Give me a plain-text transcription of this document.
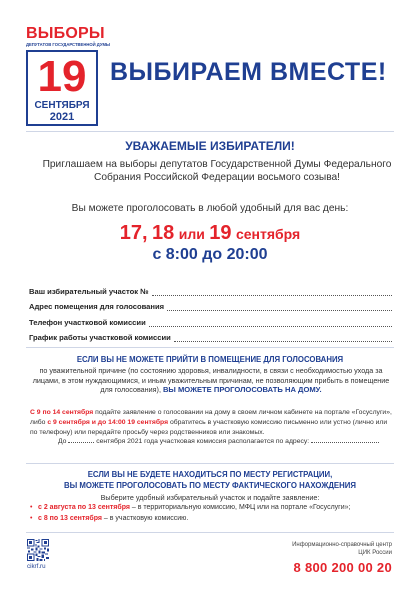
ВЫБОРЫ
ДЕПУТАТОВ ГОСУДАРСТВЕННОЙ ДУМЫ
19
СЕНТЯБРЯ
2021
ВЫБИРАЕМ ВМЕСТЕ!
УВАЖАЕМЫЕ ИЗБИРАТЕЛИ!
Приглашаем на выборы депутатов Государственной Думы Федерального Собрания Российской Федерации восьмого созыва!
Вы можете проголосовать в любой удобный для вас день:
17, 18 или 19 сентября
с 8:00 до 20:00
Ваш избирательный участок №
Адрес помещения для голосования
Телефон участковой комиссии
График работы участковой комиссии
ЕСЛИ ВЫ НЕ МОЖЕТЕ ПРИЙТИ В ПОМЕЩЕНИЕ ДЛЯ ГОЛОСОВАНИЯ
по уважительной причине (по состоянию здоровья, инвалидности, в связи с необходимостью ухода за лицами, в этом нуждающимися, и иным уважительным причинам, не позволяющим прибыть в помещение для голосования), ВЫ МОЖЕТЕ ПРОГОЛОСОВАТЬ НА ДОМУ.

С 9 по 14 сентября подайте заявление о голосовании на дому в своем личном кабинете на портале «Госуслуги», либо с 9 сентября и до 14:00 19 сентября обратитесь в участковую комиссию письменно или устно (лично или по телефону) или передайте просьбу через родственников или знакомых.

До	сентября 2021 года участковая комиссия располагается по адресу:

ЕСЛИ ВЫ НЕ БУДЕТЕ НАХОДИТЬСЯ ПО МЕСТУ РЕГИСТРАЦИИ,
ВЫ МОЖЕТЕ ПРОГОЛОСОВАТЬ ПО МЕСТУ ФАКТИЧЕСКОГО НАХОЖДЕНИЯ
Выберите удобный избирательный участок и подайте заявление:
• с 2 августа по 13 сентября – в территориальную комиссию, МФЦ или на портале «Госуслуги»;
• с 8 по 13 сентября – в участковую комиссию.
cikrf.ru
Информационно-справочный центр
ЦИК России
8 800 200 00 20
